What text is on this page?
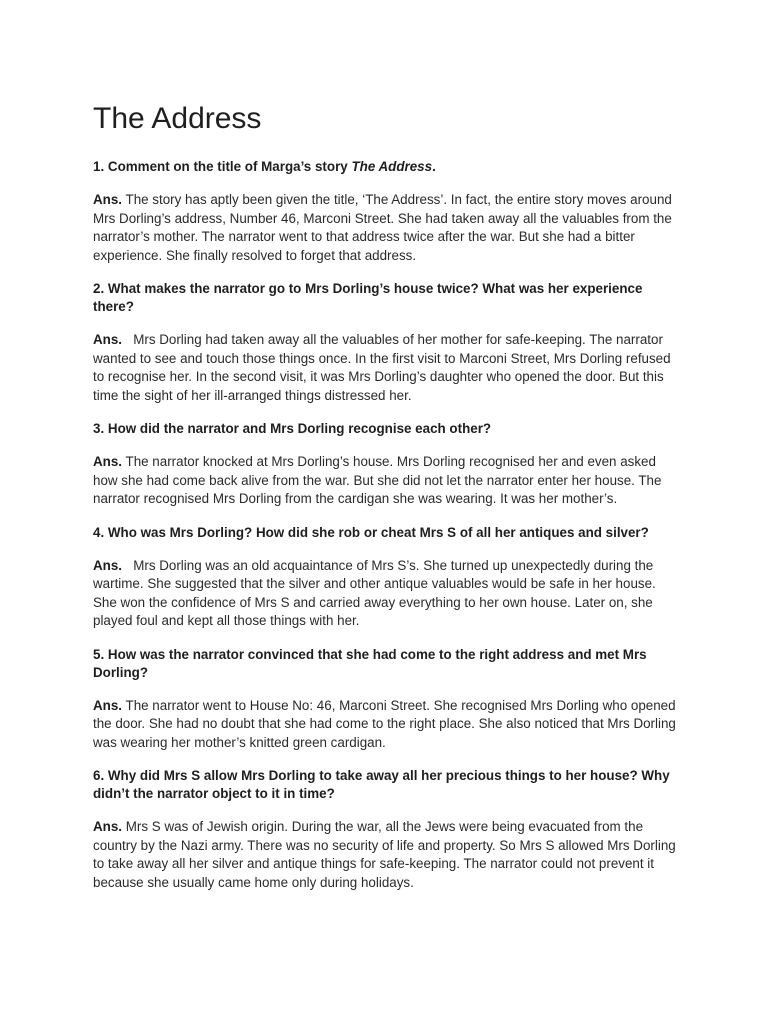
The Address

1. Comment on the title of Marga’s story The Address.

Ans. The story has aptly been given the title, ‘The Address’. In fact, the entire story moves around Mrs Dorling’s address, Number 46, Marconi Street. She had taken away all the valuables from the narrator’s mother. The narrator went to that address twice after the war. But she had a bitter experience. She finally resolved to forget that address.

2. What makes the narrator go to Mrs Dorling’s house twice? What was her experience there?

Ans. Mrs Dorling had taken away all the valuables of her mother for safe-keeping. The narrator wanted to see and touch those things once. In the first visit to Marconi Street, Mrs Dorling refused to recognise her. In the second visit, it was Mrs Dorling’s daughter who opened the door. But this time the sight of her ill-arranged things distressed her.

3. How did the narrator and Mrs Dorling recognise each other?

Ans. The narrator knocked at Mrs Dorling’s house. Mrs Dorling recognised her and even asked how she had come back alive from the war. But she did not let the narrator enter her house. The narrator recognised Mrs Dorling from the cardigan she was wearing. It was her mother’s.

4. Who was Mrs Dorling? How did she rob or cheat Mrs S of all her antiques and silver?

Ans. Mrs Dorling was an old acquaintance of Mrs S’s. She turned up unexpectedly during the wartime. She suggested that the silver and other antique valuables would be safe in her house. She won the confidence of Mrs S and carried away everything to her own house. Later on, she played foul and kept all those things with her.

5. How was the narrator convinced that she had come to the right address and met Mrs Dorling?

Ans. The narrator went to House No: 46, Marconi Street. She recognised Mrs Dorling who opened the door. She had no doubt that she had come to the right place. She also noticed that Mrs Dorling was wearing her mother’s knitted green cardigan.

6. Why did Mrs S allow Mrs Dorling to take away all her precious things to her house? Why didn’t the narrator object to it in time?

Ans. Mrs S was of Jewish origin. During the war, all the Jews were being evacuated from the country by the Nazi army. There was no security of life and property. So Mrs S allowed Mrs Dorling to take away all her silver and antique things for safe-keeping. The narrator could not prevent it because she usually came home only during holidays.
